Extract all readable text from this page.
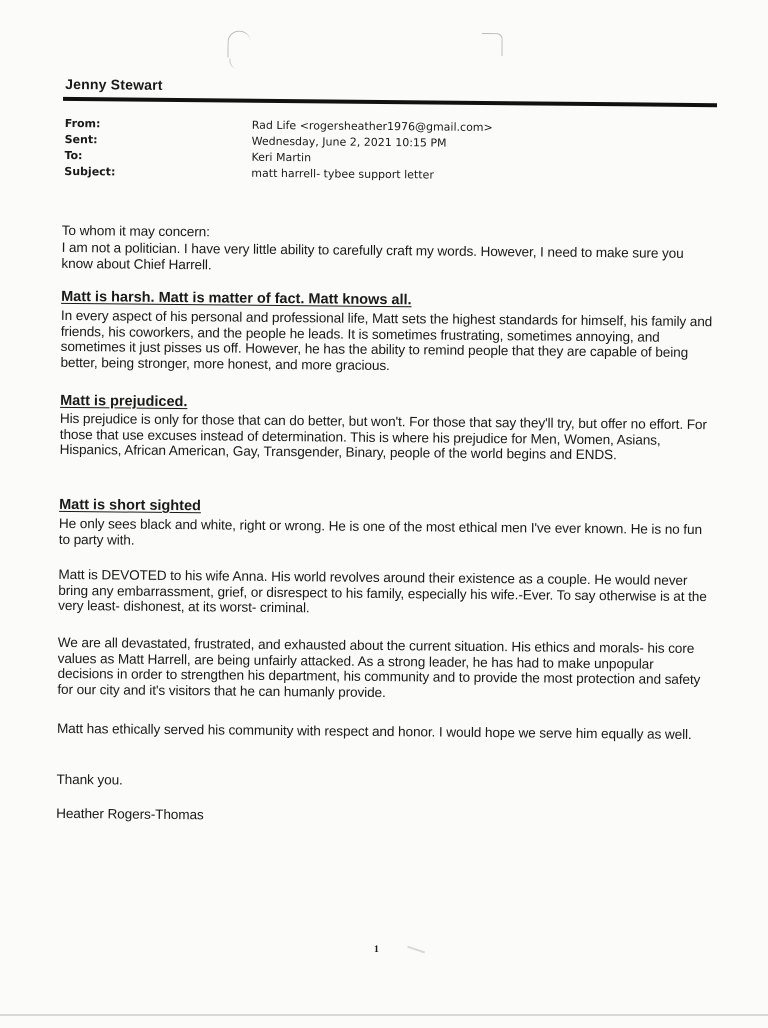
Jenny Stewart
From:	Rad Life <rogersheather1976@gmail.com>
Sent:	Wednesday, June 2, 2021 10:15 PM
To:	Keri Martin
Subject:	matt harrell- tybee support letter
To whom it may concern:
I am not a politician. I have very little ability to carefully craft my words. However, I need to make sure you know about Chief Harrell.
Matt is harsh. Matt is matter of fact. Matt knows all.
In every aspect of his personal and professional life, Matt sets the highest standards for himself, his family and friends, his coworkers, and the people he leads. It is sometimes frustrating, sometimes annoying, and sometimes it just pisses us off. However, he has the ability to remind people that they are capable of being better, being stronger, more honest, and more gracious.
Matt is prejudiced.
His prejudice is only for those that can do better, but won't. For those that say they'll try, but offer no effort. For those that use excuses instead of determination. This is where his prejudice for Men, Women, Asians, Hispanics, African American, Gay, Transgender, Binary, people of the world begins and ENDS.
Matt is short sighted
He only sees black and white, right or wrong. He is one of the most ethical men I've ever known. He is no fun to party with.
Matt is DEVOTED to his wife Anna. His world revolves around their existence as a couple. He would never bring any embarrassment, grief, or disrespect to his family, especially his wife.-Ever. To say otherwise is at the very least- dishonest, at its worst- criminal.
We are all devastated, frustrated, and exhausted about the current situation. His ethics and morals- his core values as Matt Harrell, are being unfairly attacked. As a strong leader, he has had to make unpopular decisions in order to strengthen his department, his community and to provide the most protection and safety for our city and it's visitors that he can humanly provide.
Matt has ethically served his community with respect and honor. I would hope we serve him equally as well.
Thank you.
Heather Rogers-Thomas
1
